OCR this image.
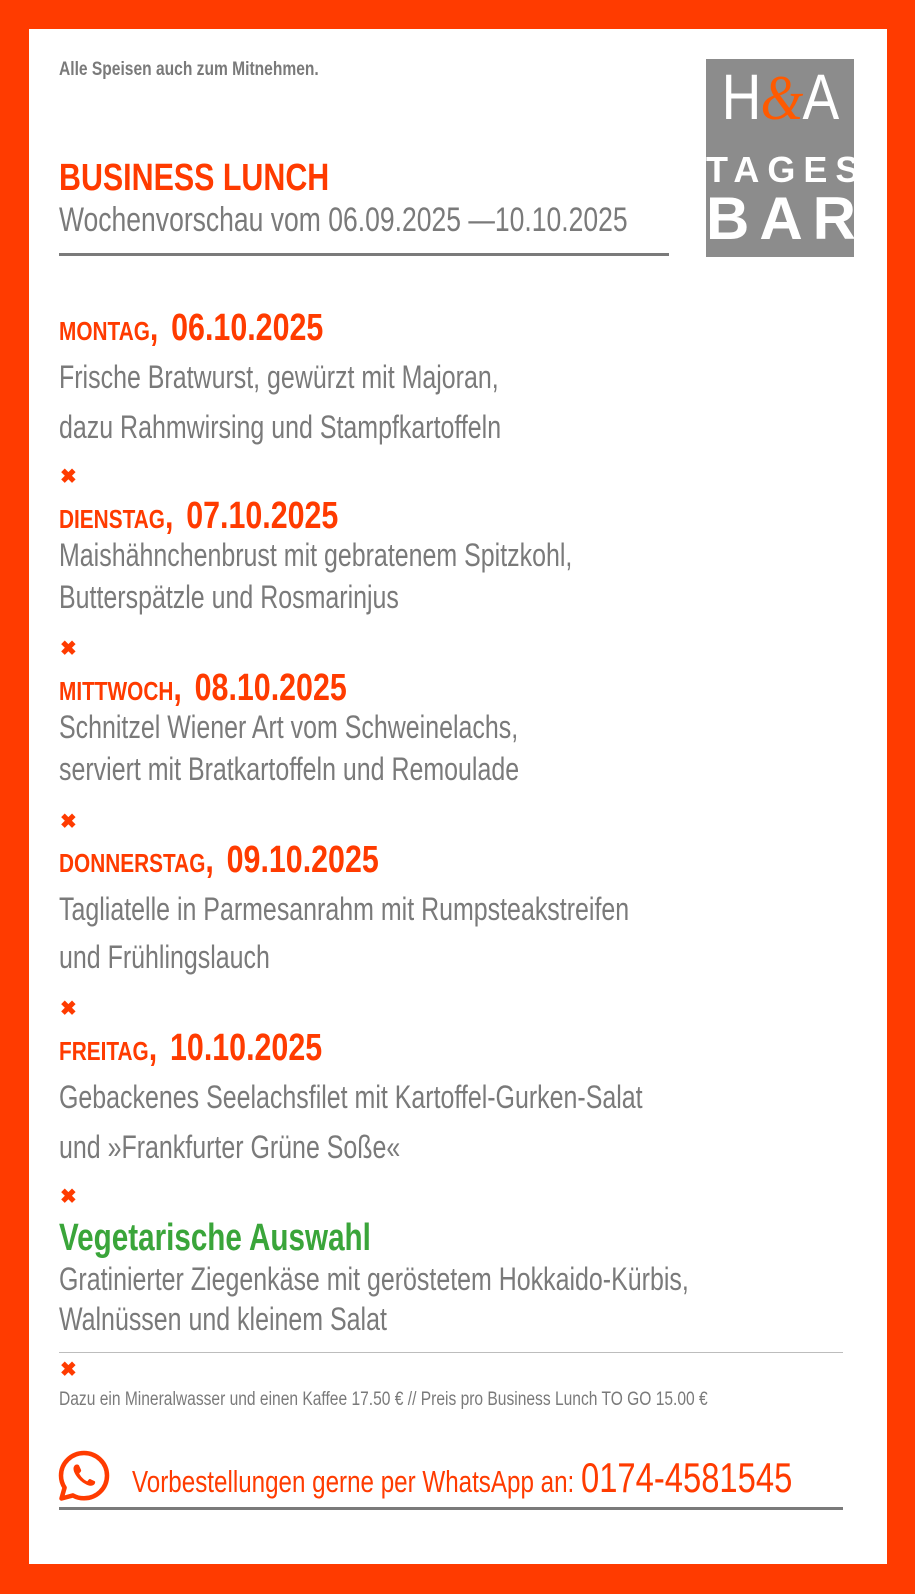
Alle Speisen auch zum Mitnehmen.	H&A
TAGES
BAR
BUSINESS LUNCH
Wochenvorschau vom 06.09.2025 —10.10.2025
MONTAG, 06.10.2025
Frische Bratwurst, gewürzt mit Majoran,
dazu Rahmwirsing und Stampfkartoffeln
✖
DIENSTAG, 07.10.2025
Maishähnchenbrust mit gebratenem Spitzkohl,
Butterspätzle und Rosmarinjus
✖
MITTWOCH, 08.10.2025
Schnitzel Wiener Art vom Schweinelachs,
serviert mit Bratkartoffeln und Remoulade
✖
DONNERSTAG, 09.10.2025
Tagliatelle in Parmesanrahm mit Rumpsteakstreifen
und Frühlingslauch
✖
FREITAG, 10.10.2025
Gebackenes Seelachsfilet mit Kartoffel-Gurken-Salat
und »Frankfurter Grüne Soße«
✖
Vegetarische Auswahl
Gratinierter Ziegenkäse mit geröstetem Hokkaido-Kürbis,
Walnüssen und kleinem Salat
✖
Dazu ein Mineralwasser und einen Kaffee 17.50 € // Preis pro Business Lunch TO GO 15.00 €
Vorbestellungen gerne per WhatsApp an: 0174-4581545
